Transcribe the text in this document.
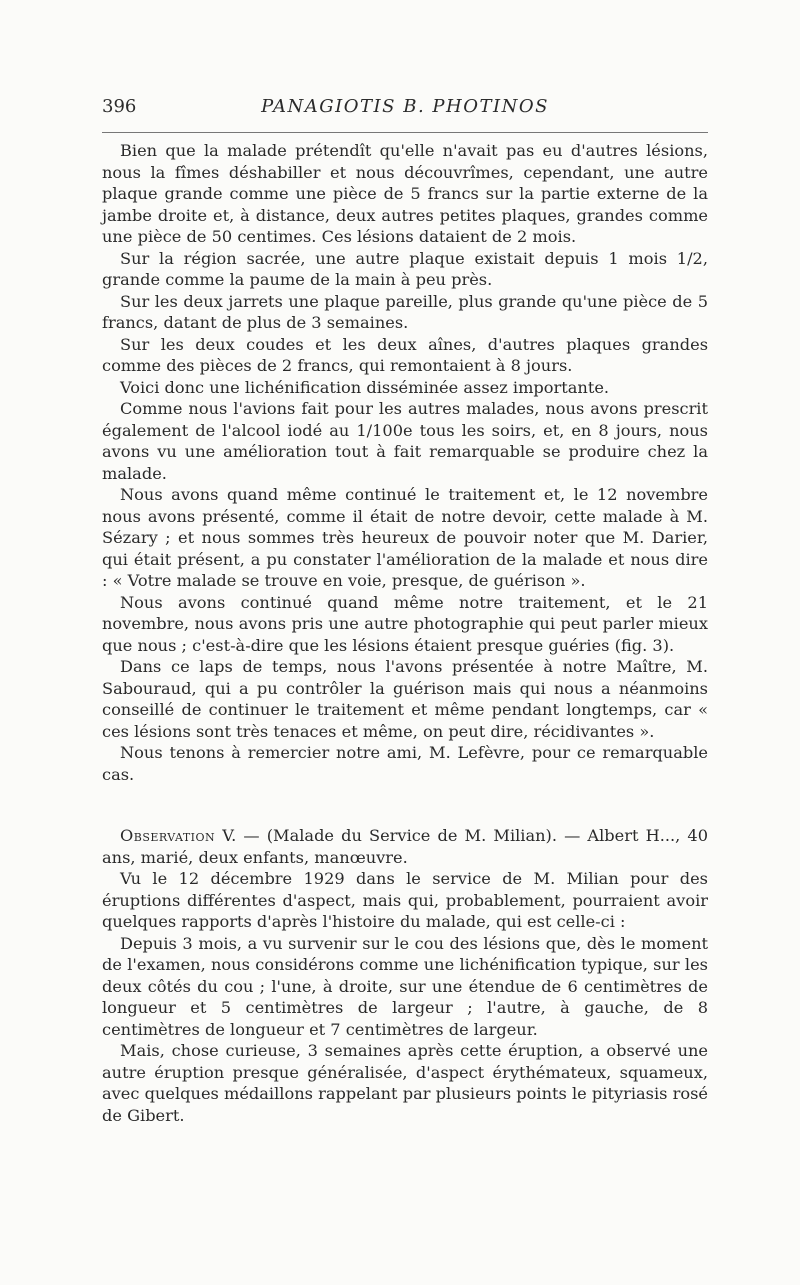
396	PANAGIOTIS B. PHOTINOS

Bien que la malade prétendît qu'elle n'avait pas eu d'autres lésions, nous la fîmes déshabiller et nous découvrîmes, cependant, une autre plaque grande comme une pièce de 5 francs sur la partie externe de la jambe droite et, à distance, deux autres petites plaques, grandes comme une pièce de 50 centimes. Ces lésions dataient de 2 mois.

Sur la région sacrée, une autre plaque existait depuis 1 mois 1/2, grande comme la paume de la main à peu près.

Sur les deux jarrets une plaque pareille, plus grande qu'une pièce de 5 francs, datant de plus de 3 semaines.

Sur les deux coudes et les deux aînes, d'autres plaques grandes comme des pièces de 2 francs, qui remontaient à 8 jours.

Voici donc une lichénification disséminée assez importante.

Comme nous l'avions fait pour les autres malades, nous avons prescrit également de l'alcool iodé au 1/100e tous les soirs, et, en 8 jours, nous avons vu une amélioration tout à fait remarquable se produire chez la malade.

Nous avons quand même continué le traitement et, le 12 novembre nous avons présenté, comme il était de notre devoir, cette malade à M. Sézary ; et nous sommes très heureux de pouvoir noter que M. Darier, qui était présent, a pu constater l'amélioration de la malade et nous dire : « Votre malade se trouve en voie, presque, de guérison ».

Nous avons continué quand même notre traitement, et le 21 novembre, nous avons pris une autre photographie qui peut parler mieux que nous ; c'est-à-dire que les lésions étaient presque guéries (fig. 3).

Dans ce laps de temps, nous l'avons présentée à notre Maître, M. Sabouraud, qui a pu contrôler la guérison mais qui nous a néanmoins conseillé de continuer le traitement et même pendant longtemps, car « ces lésions sont très tenaces et même, on peut dire, récidivantes ».

Nous tenons à remercier notre ami, M. Lefèvre, pour ce remarquable cas.

Observation V. — (Malade du Service de M. Milian). — Albert H..., 40 ans, marié, deux enfants, manœuvre.

Vu le 12 décembre 1929 dans le service de M. Milian pour des éruptions différentes d'aspect, mais qui, probablement, pourraient avoir quelques rapports d'après l'histoire du malade, qui est celle-ci :

Depuis 3 mois, a vu survenir sur le cou des lésions que, dès le moment de l'examen, nous considérons comme une lichénification typique, sur les deux côtés du cou ; l'une, à droite, sur une étendue de 6 centimètres de longueur et 5 centimètres de largeur ; l'autre, à gauche, de 8 centimètres de longueur et 7 centimètres de largeur.

Mais, chose curieuse, 3 semaines après cette éruption, a observé une autre éruption presque généralisée, d'aspect érythémateux, squameux, avec quelques médaillons rappelant par plusieurs points le pityriasis rosé de Gibert.
